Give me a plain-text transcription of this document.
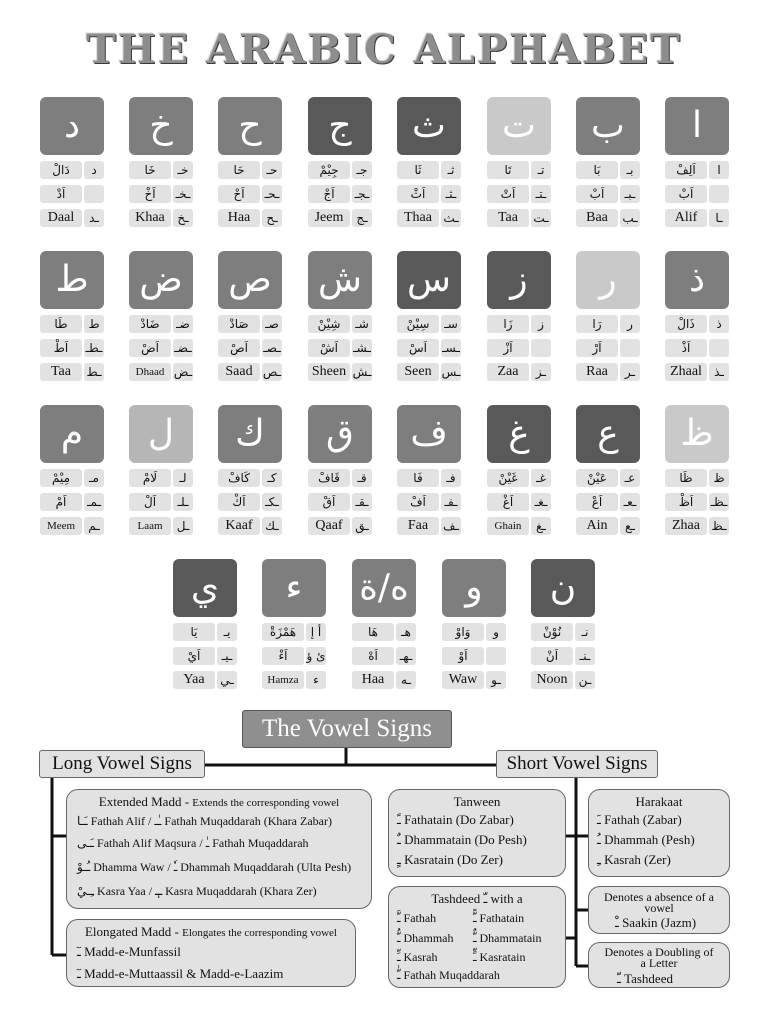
THE ARABIC ALPHABET
د
دَالْ	د
اَدْ
Daal	ـد
خ
خَا	خـ
اَخْ	ـخـ
Khaa	ـخ
ح
حَا	حـ
اَحْ	ـحـ
Haa	ـح
ج
جِيْمْ	جـ
اَجْ	ـجـ
Jeem	ـج
ث
ثَا	ثـ
اَثْ	ـثـ
Thaa ـث
ت
تَا	تـ
اَتْ	ـتـ
Taa	ـت
ب
بَا	بـ
اَبْ	ـبـ
Baa	ـب
ا
اَلِفْ	ا
اَبْ
Alif	ـا
ط
طَا	ط
اَطْ	ـطـ
Taa	ـط
ض
ضَادْ	ضـ
اَضْ	ـضـ
Dhaad ـض
ص
صَادْ	صـ
اَصْ	ـصـ
Saad ـص
ش
شِيْنْ	شـ
اَشْ	ـشـ
Sheen ـش
س
سِيْنْ	سـ
اَسْ	ـسـ
Seen ـس
ز
زَا	ز
اَزْ
Zaa	ـز
ر
رَا	ر
اَرْ
Raa	ـر
ذ
ذَالْ	ذ
اَذْ
Zhaal	ـذ
م
مِيْمْ	مـ
اَمْ	ـمـ
Meem	ـم
ل
لَامْ	لـ
اَلْ	ـلـ
Laam	ـل
ك
كَافْ	كـ
اَكْ	ـكـ
Kaaf	ـك
ق
قَافْ	قـ
اَقْ	ـقـ
Qaaf	ـق
ف
فَا	فـ
اَفْ	ـفـ
Faa	ـف
غ
غَيْنْ	غـ
اَغْ	ـغـ
Ghain	ـغ
ع
عَيْنْ	عـ
اَعْ	ـعـ
Ain	ـع
ظ
ظَا	ظ
اَظْ	ـظـ
Zhaa ـظ
ي
يَا	يـ
اَيْ	ـيـ
Yaa	ـي
ء
هَمْزَةْ	أ إ
اَءْ	ئ ؤ
Hamza	ء
ه/ة
هَا	هـ
اَهْ	ـهـ
Haa	ـه
و
وَاوْ	و
اَوْ
Waw	ـو
ن
نُوْنْ	نـ
اَنْ	ـنـ
Noon ـن
The Vowel Signs
Long Vowel Signs	Short Vowel Signs
Extended Madd - Extends the corresponding vowel
ـَـا Fathah Alif / ـٰـ Fathah Muqaddarah (Khara Zabar)
ـَـى Fathah Alif Maqsura / ـٰ Fathah Muqaddarah
ـُـوْ Dhamma Waw / ـٗ Dhammah Muqaddarah (Ulta Pesh)
ـِـيْ Kasra Yaa / ـٖ Kasra Muqaddarah (Khara Zer)
Elongated Madd - Elongates the corresponding vowel
ـٓ Madd-e-Munfassil
ـٓ Madd-e-Muttaassil & Madd-e-Laazim
Tanween
ـً Fathatain (Do Zabar)
ـٌ Dhammatain (Do Pesh)
ـٍ Kasratain (Do Zer)
Tashdeed ـّ with a
ـَّ Fathah
ـُّ Dhammah
ـِّ Kasrah
ـّٰ Fathah Muqaddarah
ـًّ Fathatain
ـٌّ Dhammatain
ـٍّ Kasratain
Harakaat
ـَ Fathah (Zabar)
ـُ Dhammah (Pesh)
ـِ Kasrah (Zer)
Denotes a absence of a vowel
ـْ Saakin (Jazm)
Denotes a Doubling of a Letter
ـّ Tashdeed
